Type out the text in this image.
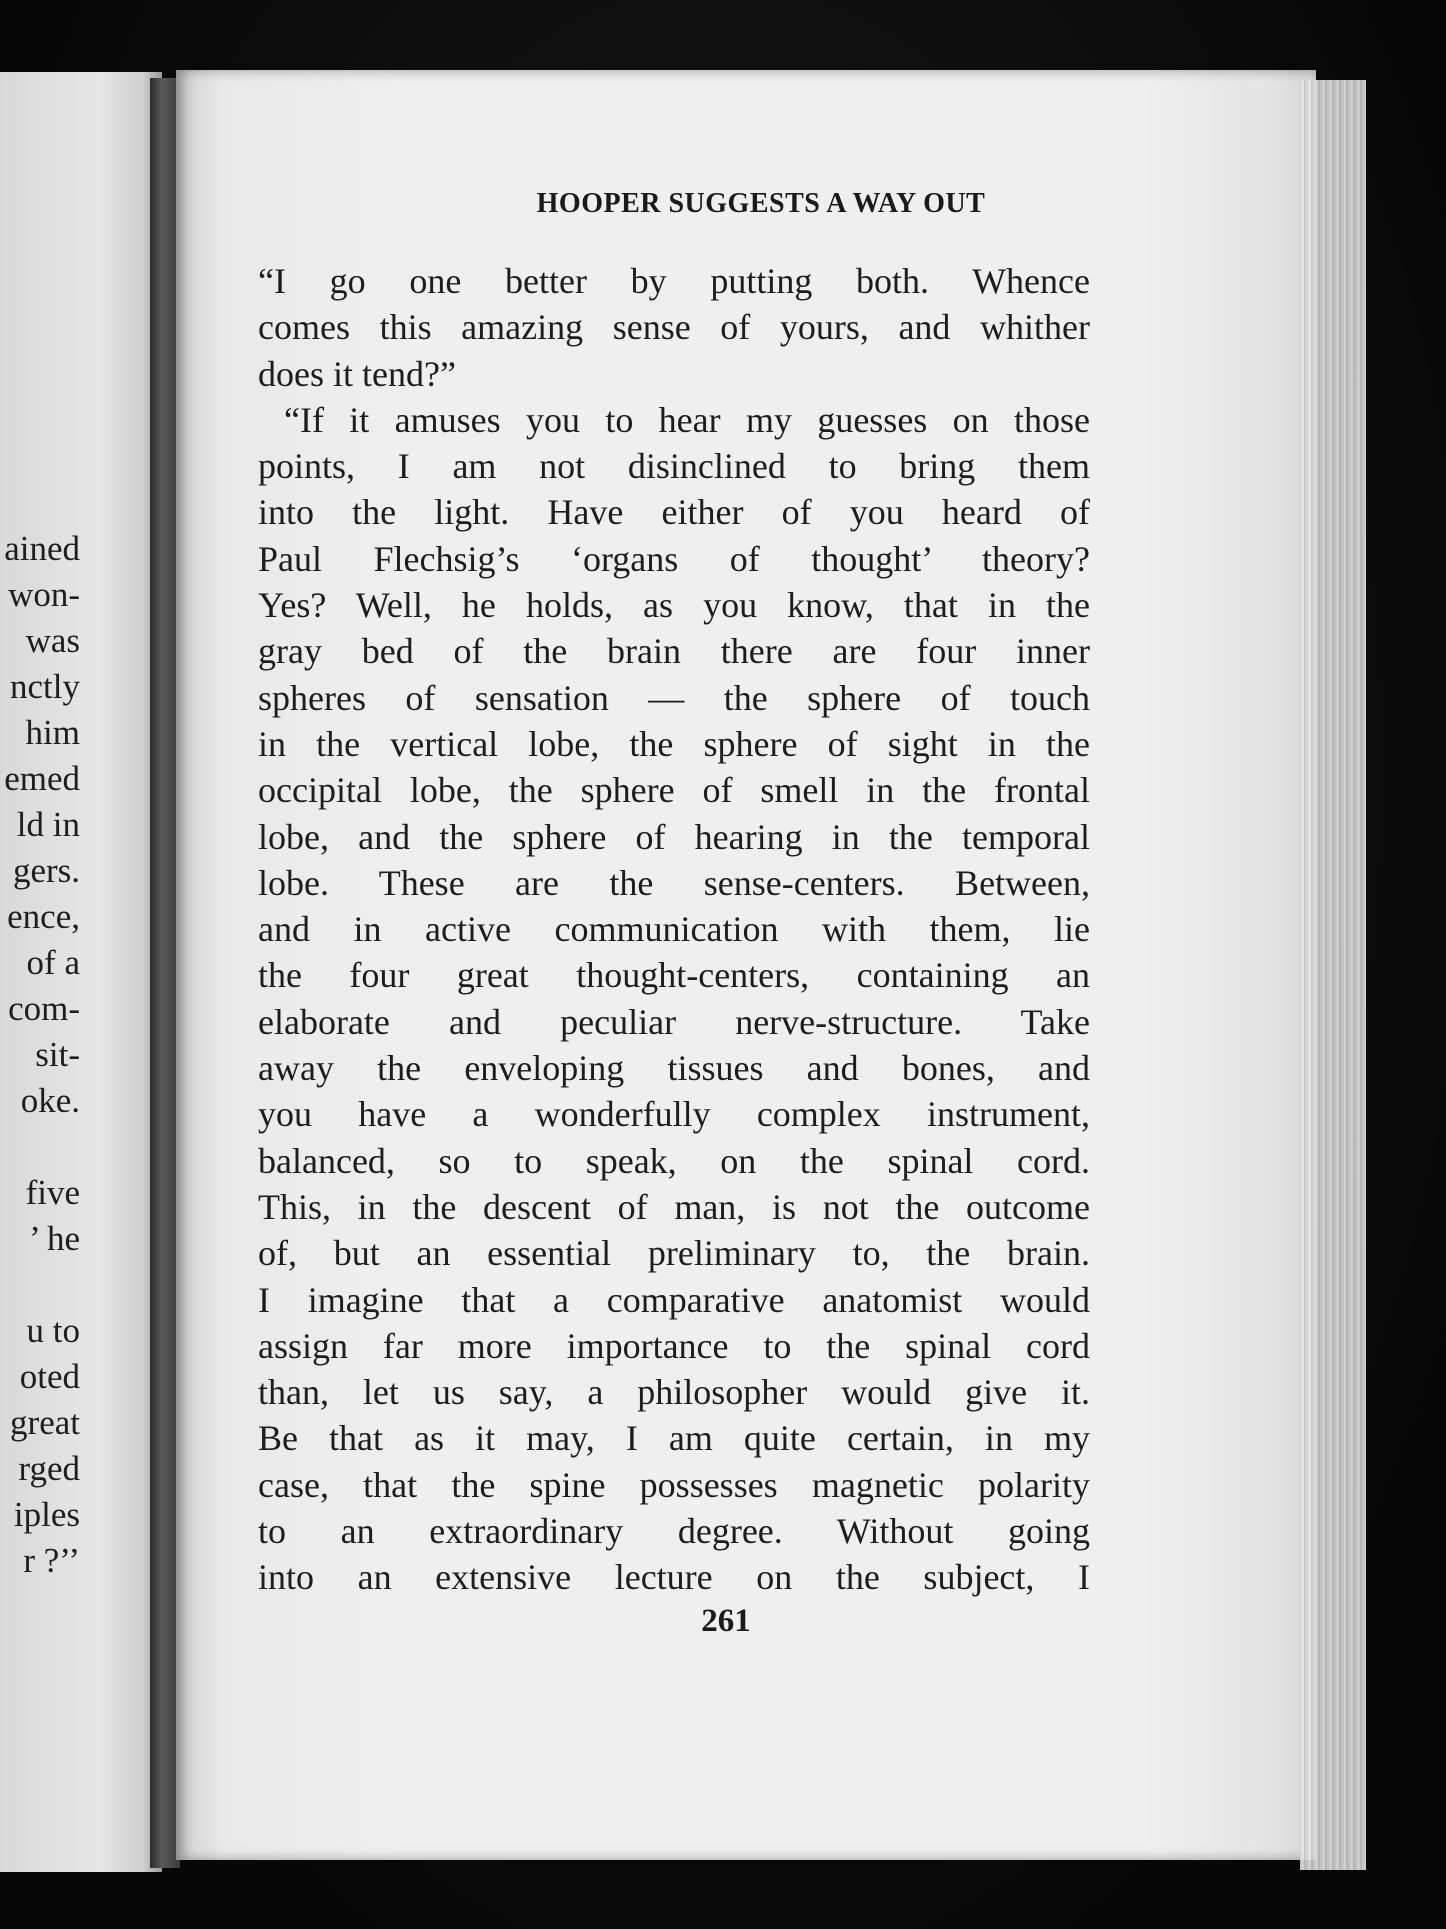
ained
won-
was
nctly
him
emed
ld in
gers.
ence,
of a
com-
sit-
oke.
five
’ he
u to
oted
great
rged
iples
r ?’’
HOOPER SUGGESTS A WAY OUT
“I go one better by putting both. Whence
comes this amazing sense of yours, and whither
does it tend?”
“If it amuses you to hear my guesses on those
points, I am not disinclined to bring them
into the light. Have either of you heard of
Paul Flechsig’s ‘organs of thought’ theory?
Yes? Well, he holds, as you know, that in the
gray bed of the brain there are four inner
spheres of sensation — the sphere of touch
in the vertical lobe, the sphere of sight in the
occipital lobe, the sphere of smell in the frontal
lobe, and the sphere of hearing in the temporal
lobe. These are the sense-centers. Between,
and in active communication with them, lie
the four great thought-centers, containing an
elaborate and peculiar nerve-structure. Take
away the enveloping tissues and bones, and
you have a wonderfully complex instrument,
balanced, so to speak, on the spinal cord.
This, in the descent of man, is not the outcome
of, but an essential preliminary to, the brain.
I imagine that a comparative anatomist would
assign far more importance to the spinal cord
than, let us say, a philosopher would give it.
Be that as it may, I am quite certain, in my
case, that the spine possesses magnetic polarity
to an extraordinary degree. Without going
into an extensive lecture on the subject, I
261
